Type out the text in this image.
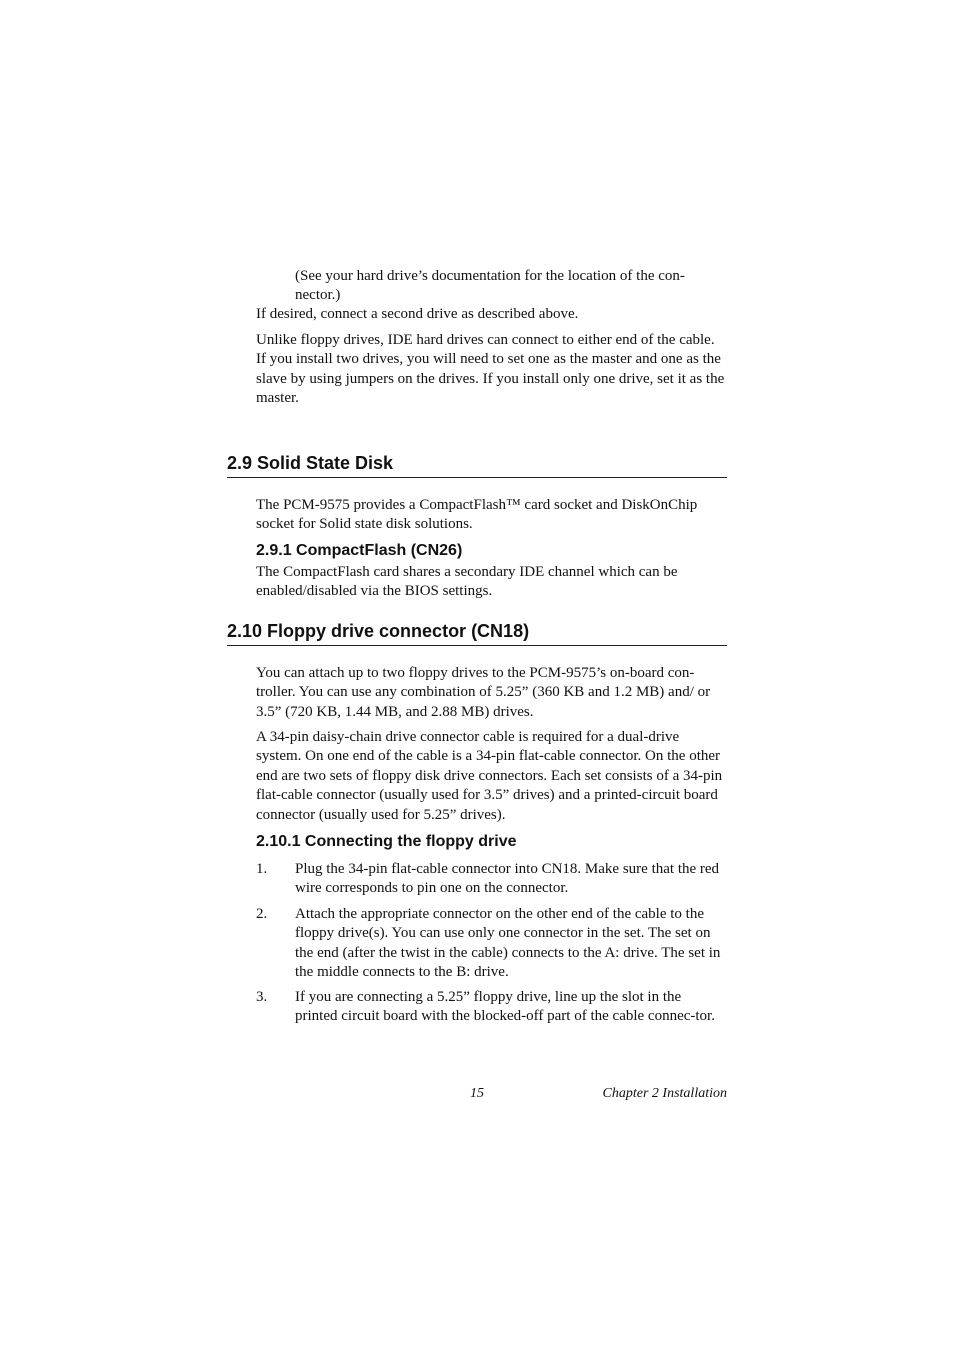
(See your hard drive’s documentation for the location of the con-
nector.)
If desired, connect a second drive as described above.
Unlike floppy drives, IDE hard drives can connect to either end of the cable. If you install two drives, you will need to set one as the master and one as the slave by using jumpers on the drives. If you install only one drive, set it as the master.
2.9 Solid State Disk
The PCM-9575 provides a CompactFlash™ card socket and DiskOnChip socket for Solid state disk solutions.
2.9.1 CompactFlash (CN26)
The CompactFlash card shares a secondary IDE channel which can be enabled/disabled via the BIOS settings.
2.10 Floppy drive connector (CN18)
You can attach up to two floppy drives to the PCM-9575’s on-board con-troller. You can use any combination of 5.25” (360 KB and 1.2 MB) and/ or 3.5” (720 KB, 1.44 MB, and 2.88 MB) drives.
A 34-pin daisy-chain drive connector cable is required for a dual-drive system. On one end of the cable is a 34-pin flat-cable connector. On the other end are two sets of floppy disk drive connectors. Each set consists of a 34-pin flat-cable connector (usually used for 3.5” drives) and a printed-circuit board connector (usually used for 5.25” drives).
2.10.1 Connecting the floppy drive
1. Plug the 34-pin flat-cable connector into CN18. Make sure that the red wire corresponds to pin one on the connector.
2. Attach the appropriate connector on the other end of the cable to the floppy drive(s). You can use only one connector in the set. The set on the end (after the twist in the cable) connects to the A: drive. The set in the middle connects to the B: drive.
3. If you are connecting a 5.25” floppy drive, line up the slot in the printed circuit board with the blocked-off part of the cable connec-tor.
15	Chapter 2 Installation
